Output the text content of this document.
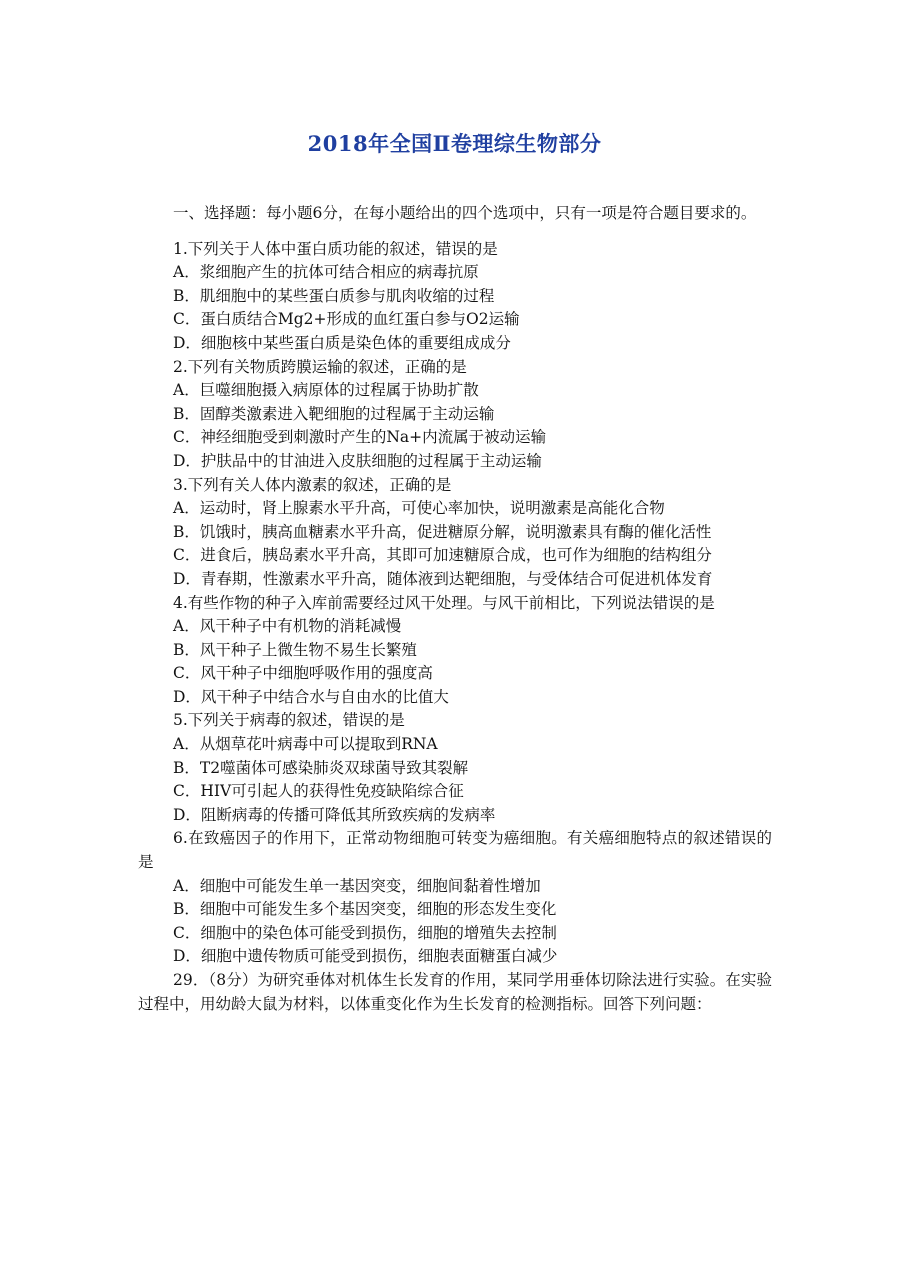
2018年全国Ⅱ卷理综生物部分

一、选择题：每小题6分，在每小题给出的四个选项中，只有一项是符合题目要求的。

1.下列关于人体中蛋白质功能的叙述，错误的是

A．浆细胞产生的抗体可结合相应的病毒抗原

B．肌细胞中的某些蛋白质参与肌肉收缩的过程

C．蛋白质结合Mg2+形成的血红蛋白参与O2运输

D．细胞核中某些蛋白质是染色体的重要组成成分

2.下列有关物质跨膜运输的叙述，正确的是

A．巨噬细胞摄入病原体的过程属于协助扩散

B．固醇类激素进入靶细胞的过程属于主动运输

C．神经细胞受到刺激时产生的Na+内流属于被动运输

D．护肤品中的甘油进入皮肤细胞的过程属于主动运输

3.下列有关人体内激素的叙述，正确的是

A．运动时，肾上腺素水平升高，可使心率加快，说明激素是高能化合物

B．饥饿时，胰高血糖素水平升高，促进糖原分解，说明激素具有酶的催化活性

C．进食后，胰岛素水平升高，其即可加速糖原合成，也可作为细胞的结构组分

D．青春期，性激素水平升高，随体液到达靶细胞，与受体结合可促进机体发育

4.有些作物的种子入库前需要经过风干处理。与风干前相比，下列说法错误的是

A．风干种子中有机物的消耗减慢

B．风干种子上微生物不易生长繁殖

C．风干种子中细胞呼吸作用的强度高

D．风干种子中结合水与自由水的比值大

5.下列关于病毒的叙述，错误的是

A．从烟草花叶病毒中可以提取到RNA

B．T2噬菌体可感染肺炎双球菌导致其裂解

C．HIV可引起人的获得性免疫缺陷综合征

D．阻断病毒的传播可降低其所致疾病的发病率

6.在致癌因子的作用下，正常动物细胞可转变为癌细胞。有关癌细胞特点的叙述错误的是

A．细胞中可能发生单一基因突变，细胞间黏着性增加

B．细胞中可能发生多个基因突变，细胞的形态发生变化

C．细胞中的染色体可能受到损伤，细胞的增殖失去控制

D．细胞中遗传物质可能受到损伤，细胞表面糖蛋白减少

29．（8分）为研究垂体对机体生长发育的作用，某同学用垂体切除法进行实验。在实验过程中，用幼龄大鼠为材料，以体重变化作为生长发育的检测指标。回答下列问题：
